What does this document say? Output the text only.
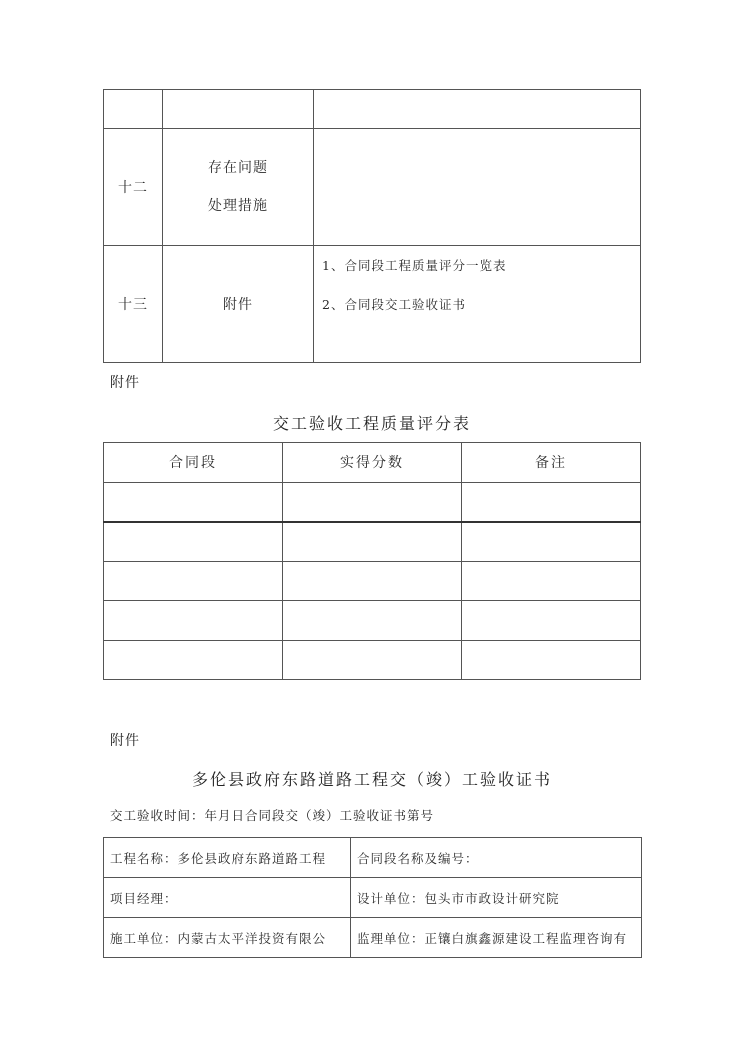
十二	存在问题
处理措施	

十三	附件	1、合同段工程质量评分一览表
2、合同段交工验收证书
附件
交工验收工程质量评分表
合同段	实得分数	备注

附件
多伦县政府东路道路工程交（竣）工验收证书
交工验收时间：年月日合同段交（竣）工验收证书第号
工程名称：多伦县政府东路道路工程	合同段名称及编号：
项目经理：	设计单位：包头市市政设计研究院
施工单位：内蒙古太平洋投资有限公	监理单位：正镶白旗鑫源建设工程监理咨询有
